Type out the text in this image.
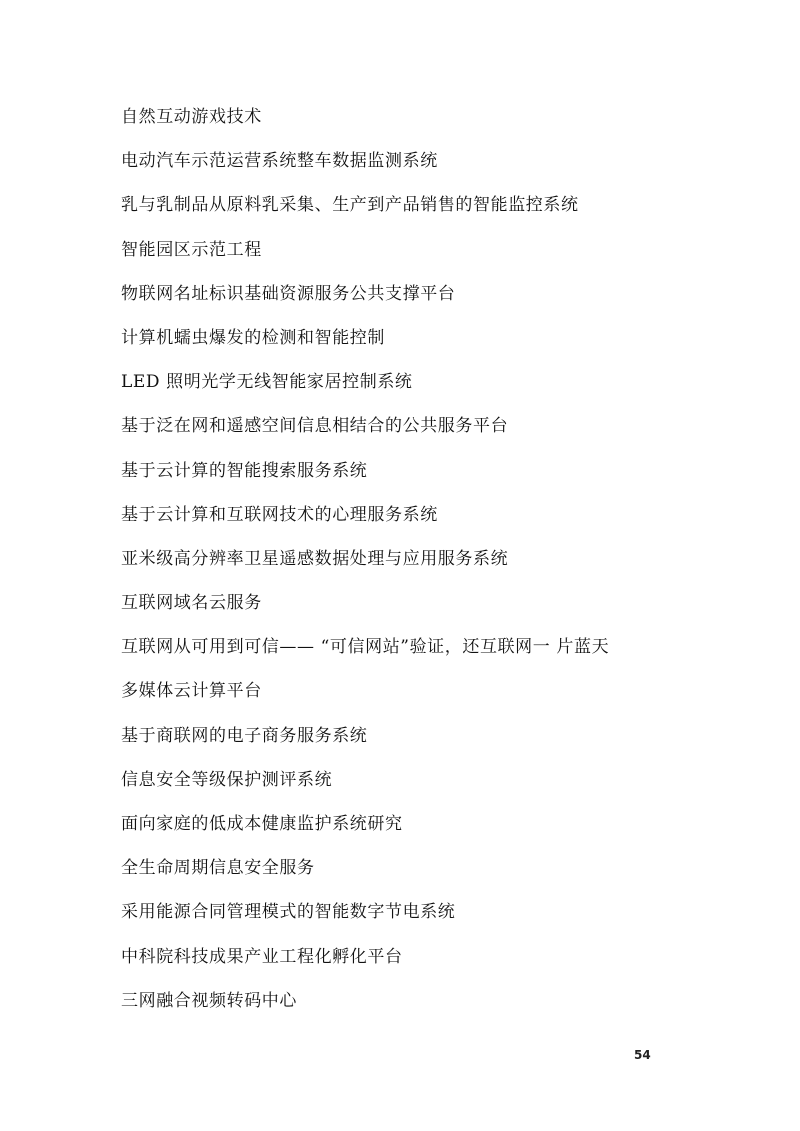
自然互动游戏技术
电动汽车示范运营系统整车数据监测系统
乳与乳制品从原料乳采集、生产到产品销售的智能监控系统
智能园区示范工程
物联网名址标识基础资源服务公共支撑平台
计算机蠕虫爆发的检测和智能控制
LED 照明光学无线智能家居控制系统
基于泛在网和遥感空间信息相结合的公共服务平台
基于云计算的智能搜索服务系统
基于云计算和互联网技术的心理服务系统
亚米级高分辨率卫星遥感数据处理与应用服务系统
互联网域名云服务
互联网从可用到可信—— “可信网站”验证，还互联网一 片蓝天
多媒体云计算平台
基于商联网的电子商务服务系统
信息安全等级保护测评系统
面向家庭的低成本健康监护系统研究
全生命周期信息安全服务
采用能源合同管理模式的智能数字节电系统
中科院科技成果产业工程化孵化平台
三网融合视频转码中心
54
